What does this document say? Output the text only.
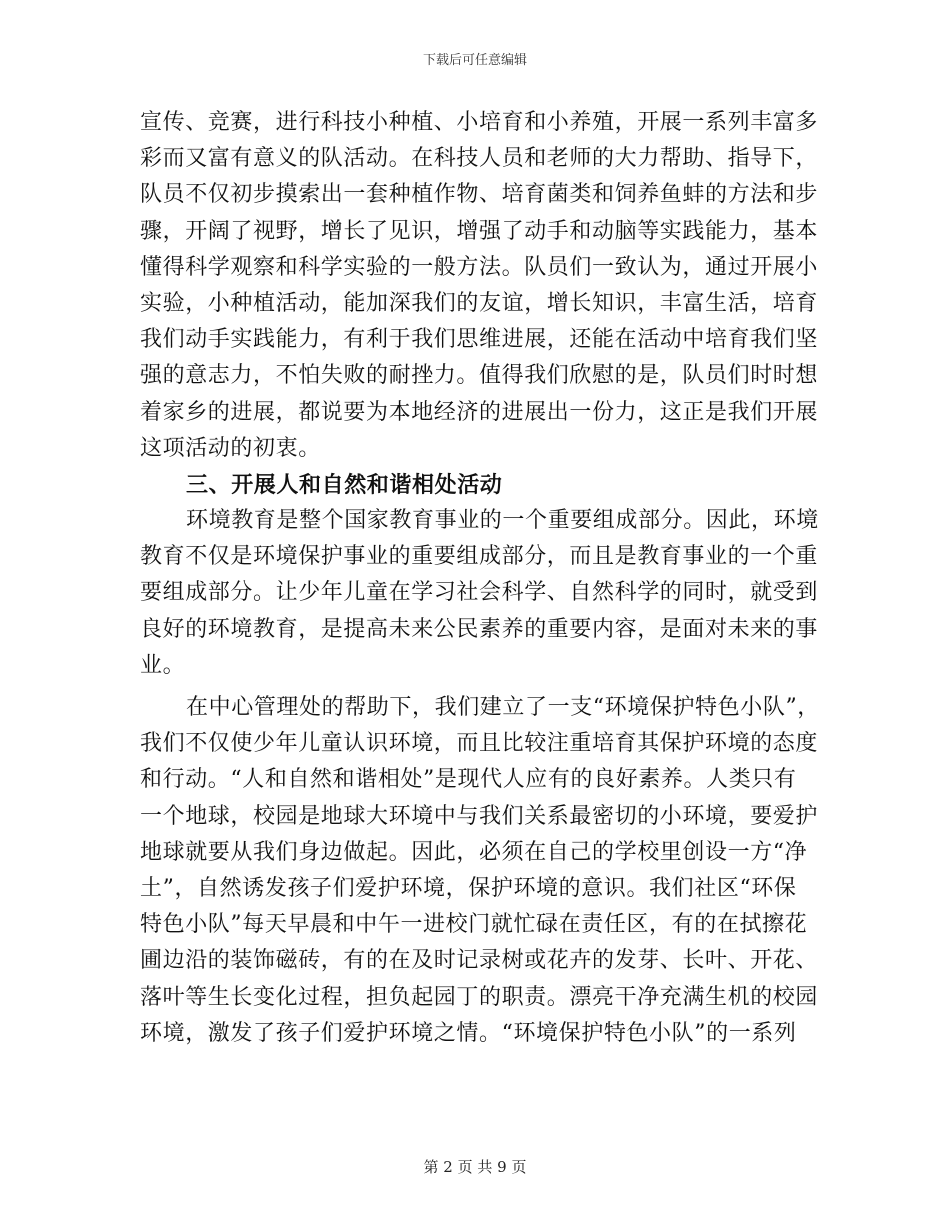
下载后可任意编辑
宣传、竞赛，进行科技小种植、小培育和小养殖，开展一系列丰富多
彩而又富有意义的队活动。在科技人员和老师的大力帮助、指导下，
队员不仅初步摸索出一套种植作物、培育菌类和饲养鱼蚌的方法和步
骤，开阔了视野，增长了见识，增强了动手和动脑等实践能力，基本
懂得科学观察和科学实验的一般方法。队员们一致认为，通过开展小
实验，小种植活动，能加深我们的友谊，增长知识，丰富生活，培育
我们动手实践能力，有利于我们思维进展，还能在活动中培育我们坚
强的意志力，不怕失败的耐挫力。值得我们欣慰的是，队员们时时想
着家乡的进展，都说要为本地经济的进展出一份力，这正是我们开展
这项活动的初衷。
三、开展人和自然和谐相处活动
环境教育是整个国家教育事业的一个重要组成部分。因此，环境
教育不仅是环境保护事业的重要组成部分，而且是教育事业的一个重
要组成部分。让少年儿童在学习社会科学、自然科学的同时，就受到
良好的环境教育，是提高未来公民素养的重要内容，是面对未来的事
业。
在中心管理处的帮助下，我们建立了一支“环境保护特色小队”，
我们不仅使少年儿童认识环境，而且比较注重培育其保护环境的态度
和行动。“人和自然和谐相处”是现代人应有的良好素养。人类只有
一个地球，校园是地球大环境中与我们关系最密切的小环境，要爱护
地球就要从我们身边做起。因此，必须在自己的学校里创设一方“净
土”，自然诱发孩子们爱护环境，保护环境的意识。我们社区“环保
特色小队”每天早晨和中午一进校门就忙碌在责任区，有的在拭擦花
圃边沿的装饰磁砖，有的在及时记录树或花卉的发芽、长叶、开花、
落叶等生长变化过程，担负起园丁的职责。漂亮干净充满生机的校园
环境，激发了孩子们爱护环境之情。“环境保护特色小队”的一系列
第 2 页 共 9 页
